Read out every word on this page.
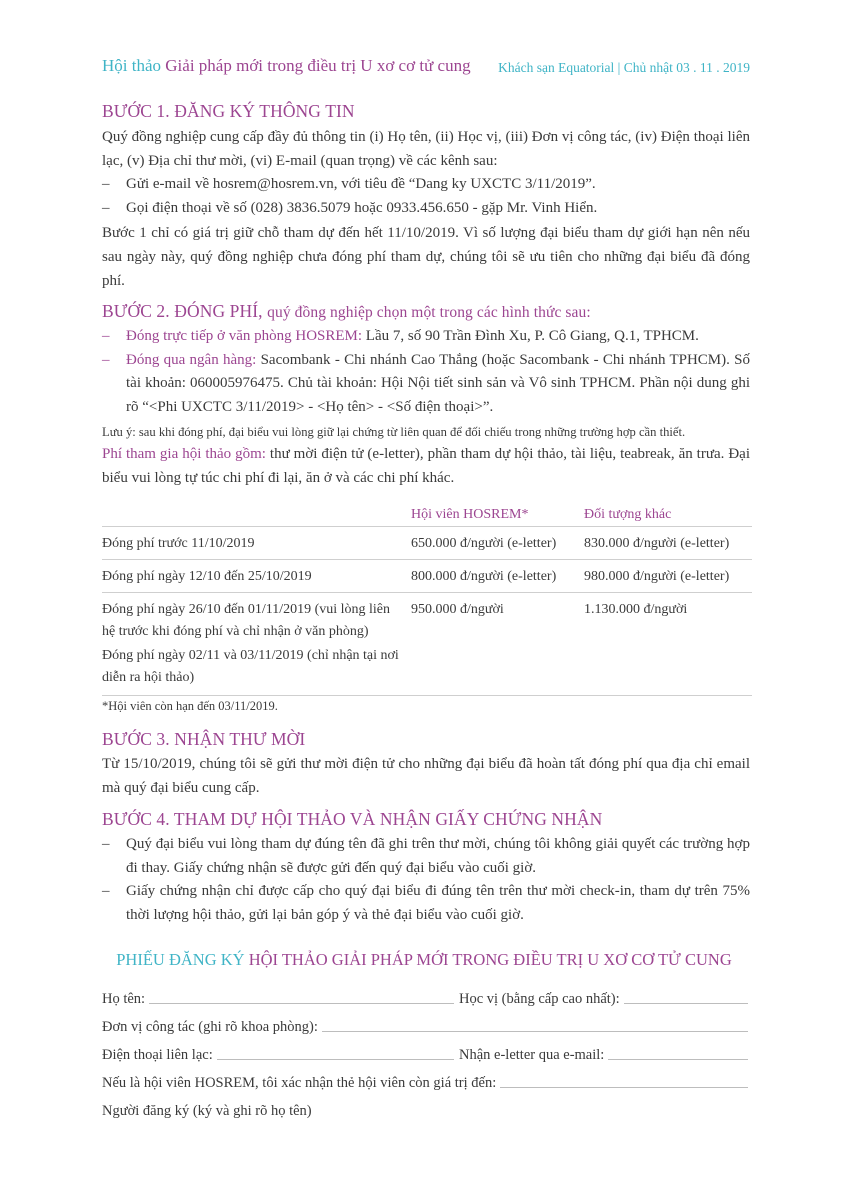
Hội thảo Giải pháp mới trong điều trị U xơ cơ tử cung Khách sạn Equatorial | Chủ nhật 03 . 11 . 2019
BƯỚC 1. ĐĂNG KÝ THÔNG TIN

Quý đồng nghiệp cung cấp đầy đủ thông tin (i) Họ tên, (ii) Học vị, (iii) Đơn vị công tác, (iv) Điện thoại liên lạc, (v) Địa chỉ thư mời, (vi) E-mail (quan trọng) về các kênh sau:

– Gửi e-mail về hosrem@hosrem.vn, với tiêu đề “Dang ky UXCTC 3/11/2019”.
– Gọi điện thoại về số (028) 3836.5079 hoặc 0933.456.650 - gặp Mr. Vinh Hiển.

Bước 1 chỉ có giá trị giữ chỗ tham dự đến hết 11/10/2019. Vì số lượng đại biểu tham dự giới hạn nên nếu sau ngày này, quý đồng nghiệp chưa đóng phí tham dự, chúng tôi sẽ ưu tiên cho những đại biểu đã đóng phí.

BƯỚC 2. ĐÓNG PHÍ, quý đồng nghiệp chọn một trong các hình thức sau:
– Đóng trực tiếp ở văn phòng HOSREM: Lầu 7, số 90 Trần Đình Xu, P. Cô Giang, Q.1, TPHCM.
– Đóng qua ngân hàng: Sacombank - Chi nhánh Cao Thắng (hoặc Sacombank - Chi nhánh TPHCM). Số tài khoản: 060005976475. Chủ tài khoản: Hội Nội tiết sinh sản và Vô sinh TPHCM. Phần nội dung ghi rõ “<Phi UXCTC 3/11/2019> - <Họ tên> - <Số điện thoại>”.

Lưu ý: sau khi đóng phí, đại biểu vui lòng giữ lại chứng từ liên quan để đối chiếu trong những trường hợp cần thiết.

Phí tham gia hội thảo gồm: thư mời điện tử (e-letter), phần tham dự hội thảo, tài liệu, teabreak, ăn trưa. Đại biểu vui lòng tự túc chi phí đi lại, ăn ở và các chi phí khác.

	Hội viên HOSREM*	Đối tượng khác
Đóng phí trước 11/10/2019	650.000 đ/người (e-letter)	830.000 đ/người (e-letter)
Đóng phí ngày 12/10 đến 25/10/2019	800.000 đ/người (e-letter)	980.000 đ/người (e-letter)

Đóng phí ngày 26/10 đến 01/11/2019 (vui lòng liên hệ trước khi đóng phí và chỉ nhận ở văn phòng)
Đóng phí ngày 02/11 và 03/11/2019 (chỉ nhận tại nơi diễn ra hội thảo)	950.000 đ/người	1.130.000 đ/người
*Hội viên còn hạn đến 03/11/2019.
BƯỚC 3. NHẬN THƯ MỜI

Từ 15/10/2019, chúng tôi sẽ gửi thư mời điện tử cho những đại biểu đã hoàn tất đóng phí qua địa chỉ email mà quý đại biểu cung cấp.

BƯỚC 4. THAM DỰ HỘI THẢO VÀ NHẬN GIẤY CHỨNG NHẬN
– Quý đại biểu vui lòng tham dự đúng tên đã ghi trên thư mời, chúng tôi không giải quyết các trường hợp đi thay. Giấy chứng nhận sẽ được gửi đến quý đại biểu vào cuối giờ.
– Giấy chứng nhận chỉ được cấp cho quý đại biểu đi đúng tên trên thư mời check-in, tham dự trên 75% thời lượng hội thảo, gửi lại bản góp ý và thẻ đại biểu vào cuối giờ.
PHIẾU ĐĂNG KÝ HỘI THẢO GIẢI PHÁP MỚI TRONG ĐIỀU TRỊ U XƠ CƠ TỬ CUNG
Họ tên:	Học vị (bằng cấp cao nhất):
Đơn vị công tác (ghi rõ khoa phòng):
Điện thoại liên lạc:	Nhận e-letter qua e-mail:
Nếu là hội viên HOSREM, tôi xác nhận thẻ hội viên còn giá trị đến:
Người đăng ký (ký và ghi rõ họ tên)
